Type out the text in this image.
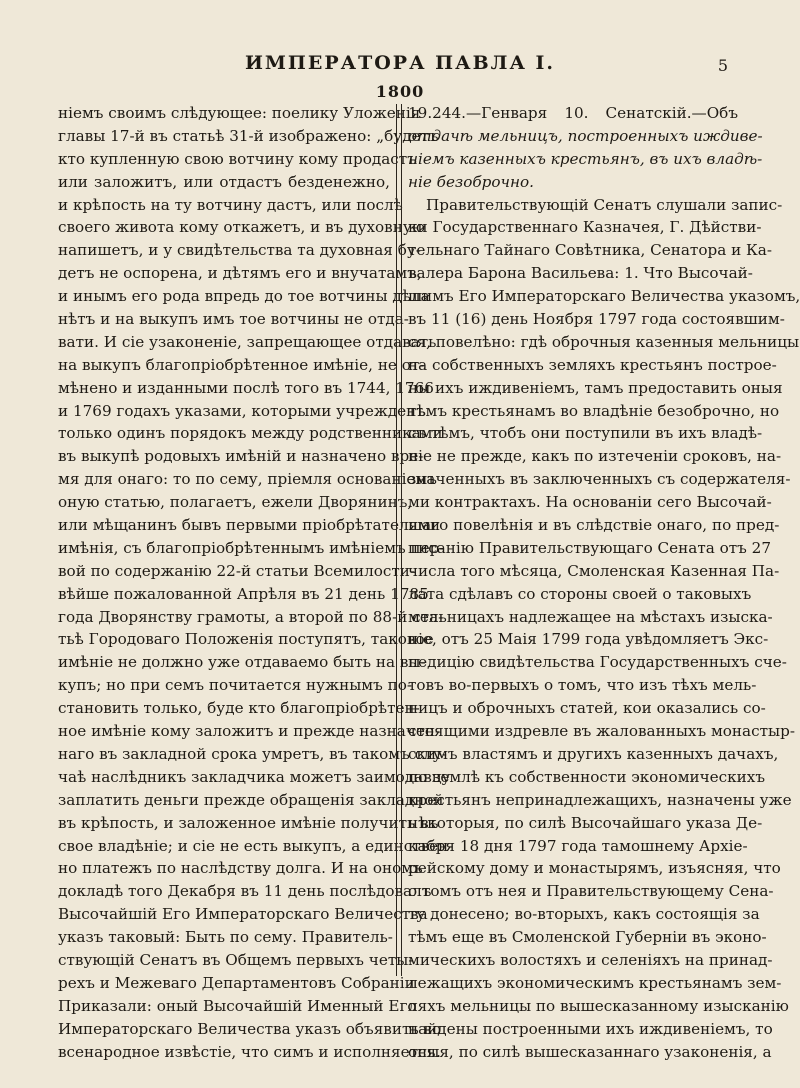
ИМПЕРАТОРА ПАВЛА I.	5
1800
ніемъ своимъ слѣдующее: поелику Уложенія
главы 17-й въ статьѣ 31-й изображено: „будетъ
кто купленную свою вотчину кому продастъ
или заложитъ, или отдастъ безденежно,
и крѣпость на ту вотчину дастъ, или послѣ
своего живота кому откажетъ, и въ духовную
напишетъ, и у свидѣтельства та духовная бу-
детъ не оспорена, и дѣтямъ его и внучатамъ,
и инымъ его рода впредь до тое вотчины дѣла
нѣтъ и на выкупъ имъ тое вотчины не отда-
вати. И сіе узаконеніе, запрещающее отдавать
на выкупъ благопріобрѣтенное имѣніе, не от-
мѣнено и изданными послѣ того въ 1744, 1766
и 1769 годахъ указами, которыми учрежденъ
только одинъ порядокъ между родственниками
въ выкупѣ родовыхъ имѣній и назначено вре-
мя для онаго: то по сему, пріемля основаніемъ
оную статью, полагаетъ, ежели Дворянинъ,
или мѣщанинъ бывъ первыми пріобрѣтателями
имѣнія, съ благопріобрѣтеннымъ имѣніемъ пер-
вой по содержанію 22-й статьи Всемилости-
вѣйше пожалованной Апрѣля въ 21 день 1785
года Дворянству грамоты, а второй по 88-й ста-
тьѣ Городоваго Положенія поступятъ, таковое
имѣніе не должно уже отдаваемо быть на вы-
купъ; но при семъ почитается нужнымъ по-
становить только, буде кто благопріобрѣтен-
ное имѣніе кому заложитъ и прежде назначен-
наго въ закладной срока умретъ, въ такомъ слу-
чаѣ наслѣдникъ закладчика можетъ заимодавцу
заплатить деньги прежде обращенія закладной
въ крѣпость, и заложенное имѣніе получить въ
свое владѣніе; и сіе не есть выкупъ, а единствен-
но платежъ по наслѣдству долга. И на ономъ
докладѣ того Декабря въ 11 день послѣдовалъ
Высочайшій Его Императорскаго Величества
указъ таковый: Быть по сему. Правитель-
ствующій Сенатъ въ Общемъ первыхъ четы-
рехъ и Межеваго Департаментовъ Собраніи
Приказали: оный Высочайшій Именный Его
Императорскаго Величества указъ объявить во
всенародное извѣстіе, что симъ и исполняется.
19.244.—Генваря 10. Сенатскій.—Объ
отдачѣ мельницъ, построенныхъ иждиве-
ніемъ казенныхъ крестьянъ, въ ихъ владѣ-
ніе безоброчно.
Правительствующій Сенатъ слушали запис-
ки Государственнаго Казначея, Г. Дѣйстви-
тельнаго Тайнаго Совѣтника, Сенатора и Ка-
валера Барона Васильева: 1. Что Высочай-
шимъ Его Императорскаго Величества указомъ,
въ 11 (16) день Ноября 1797 года состоявшим-
ся, повелѣно: гдѣ оброчныя казенныя мельницы
на собственныхъ земляхъ крестьянъ построе-
ны ихъ иждивеніемъ, тамъ предоставить оныя
тѣмъ крестьянамъ во владѣніе безоброчно, но
съ тѣмъ, чтобъ они поступили въ ихъ владѣ-
ніе не прежде, какъ по изтеченіи сроковъ, на-
значенныхъ въ заключенныхъ съ содержателя-
ми контрактахъ. На основаніи сего Высочай-
шаго повелѣнія и въ слѣдствіе онаго, по пред-
писанію Правительствующаго Сената отъ 27
числа того мѣсяца, Смоленская Казенная Па-
лата сдѣлавъ со стороны своей о таковыхъ
мельницахъ надлежащее на мѣстахъ изыска-
ніе, отъ 25 Маія 1799 года увѣдомляетъ Экс-
педицію свидѣтельства Государственныхъ сче-
товъ во-первыхъ о томъ, что изъ тѣхъ мель-
ницъ и оброчныхъ статей, кои оказались со-
стоящими издревле въ жалованныхъ монастыр-
скимъ властямъ и другихъ казенныхъ дачахъ,
по землѣ къ собственности экономическихъ
крестьянъ непринадлежащихъ, назначены уже
нѣкоторыя, по силѣ Высочайшаго указа Де-
кабря 18 дня 1797 года тамошнему Архіе-
рейскому дому и монастырямъ, изъясняя, что
о томъ отъ нея и Правительствующему Сена-
ту донесено; во-вторыхъ, какъ состоящія за
тѣмъ еще въ Смоленской Губерніи въ эконо-
мическихъ волостяхъ и селеніяхъ на принад-
лежащихъ экономическимъ крестьянамъ зем-
ляхъ мельницы по вышесказанному изысканію
найдены построенными ихъ иждивеніемъ, то
оныя, по силѣ вышесказаннаго узаконенія, а
